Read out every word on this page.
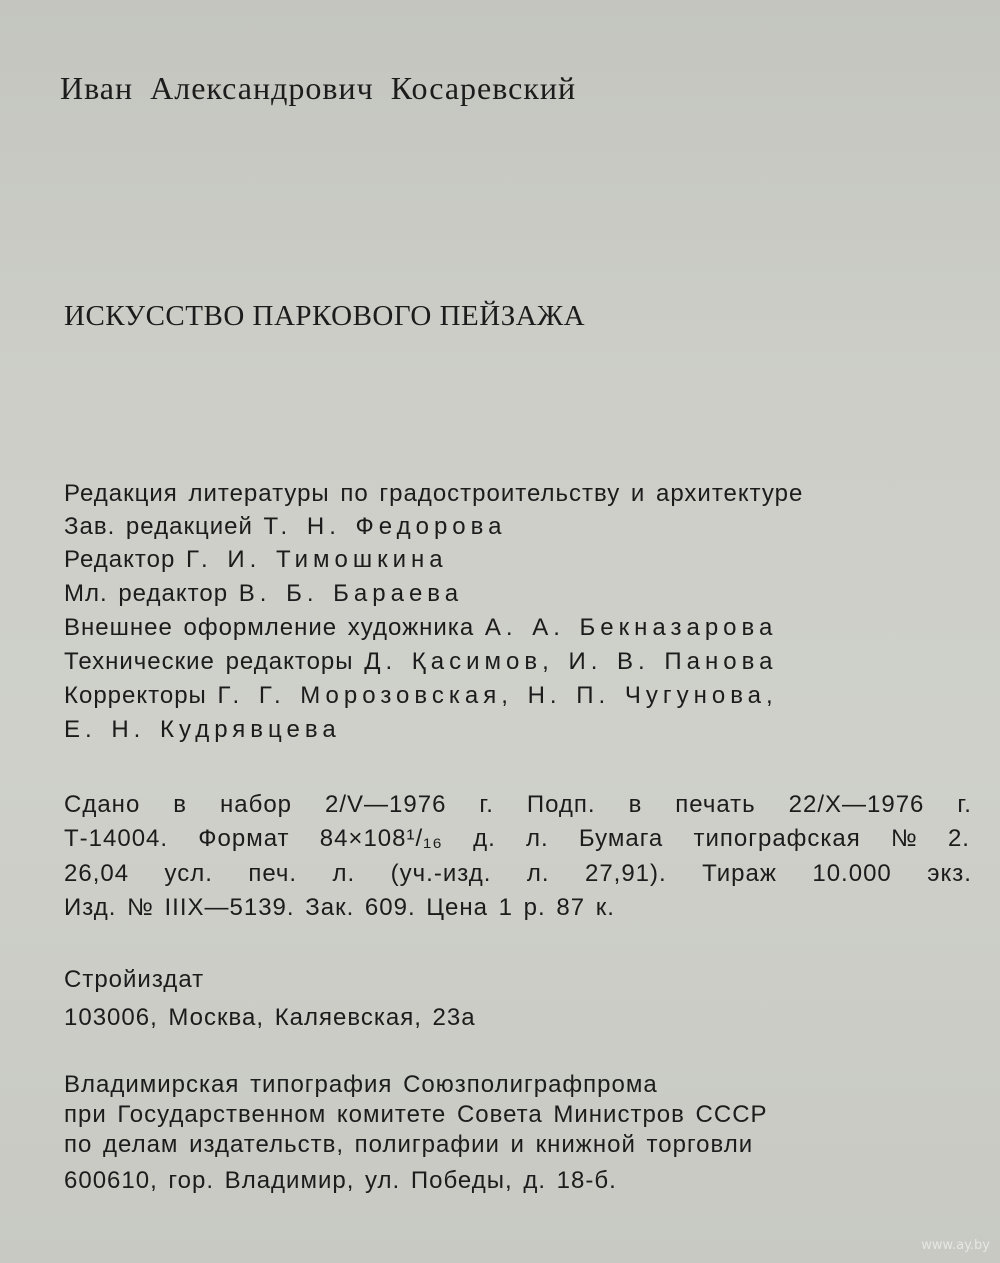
Иван Александрович Косаревский
ИСКУССТВО ПАРКОВОГО ПЕЙЗАЖА
Редакция литературы по градостроительству и архитектуре
Зав. редакцией Т. Н. Федорова
Редактор Г. И. Тимошкина
Мл. редактор В. Б. Бараева
Внешнее оформление художника А. А. Бекназарова
Технические редакторы Д. Қасимов, И. В. Панова
Корректоры Г. Г. Морозовская, Н. П. Чугунова,
Е. Н. Кудрявцева
Сдано в набор 2/V—1976 г. Подп. в печать 22/X—1976 г.
Т-14004. Формат 84×108¹/₁₆ д. л. Бумага типографская № 2.
26,04 усл. печ. л. (уч.-изд. л. 27,91). Тираж 10.000 экз.
Изд. № IIIX—5139. Зак. 609. Цена 1 р. 87 к.
Стройиздат
103006, Москва, Каляевская, 23а
Владимирская типография Союзполиграфпрома
при Государственном комитете Совета Министров СССР
по делам издательств, полиграфии и книжной торговли
600610, гор. Владимир, ул. Победы, д. 18-б.
www.ay.by
